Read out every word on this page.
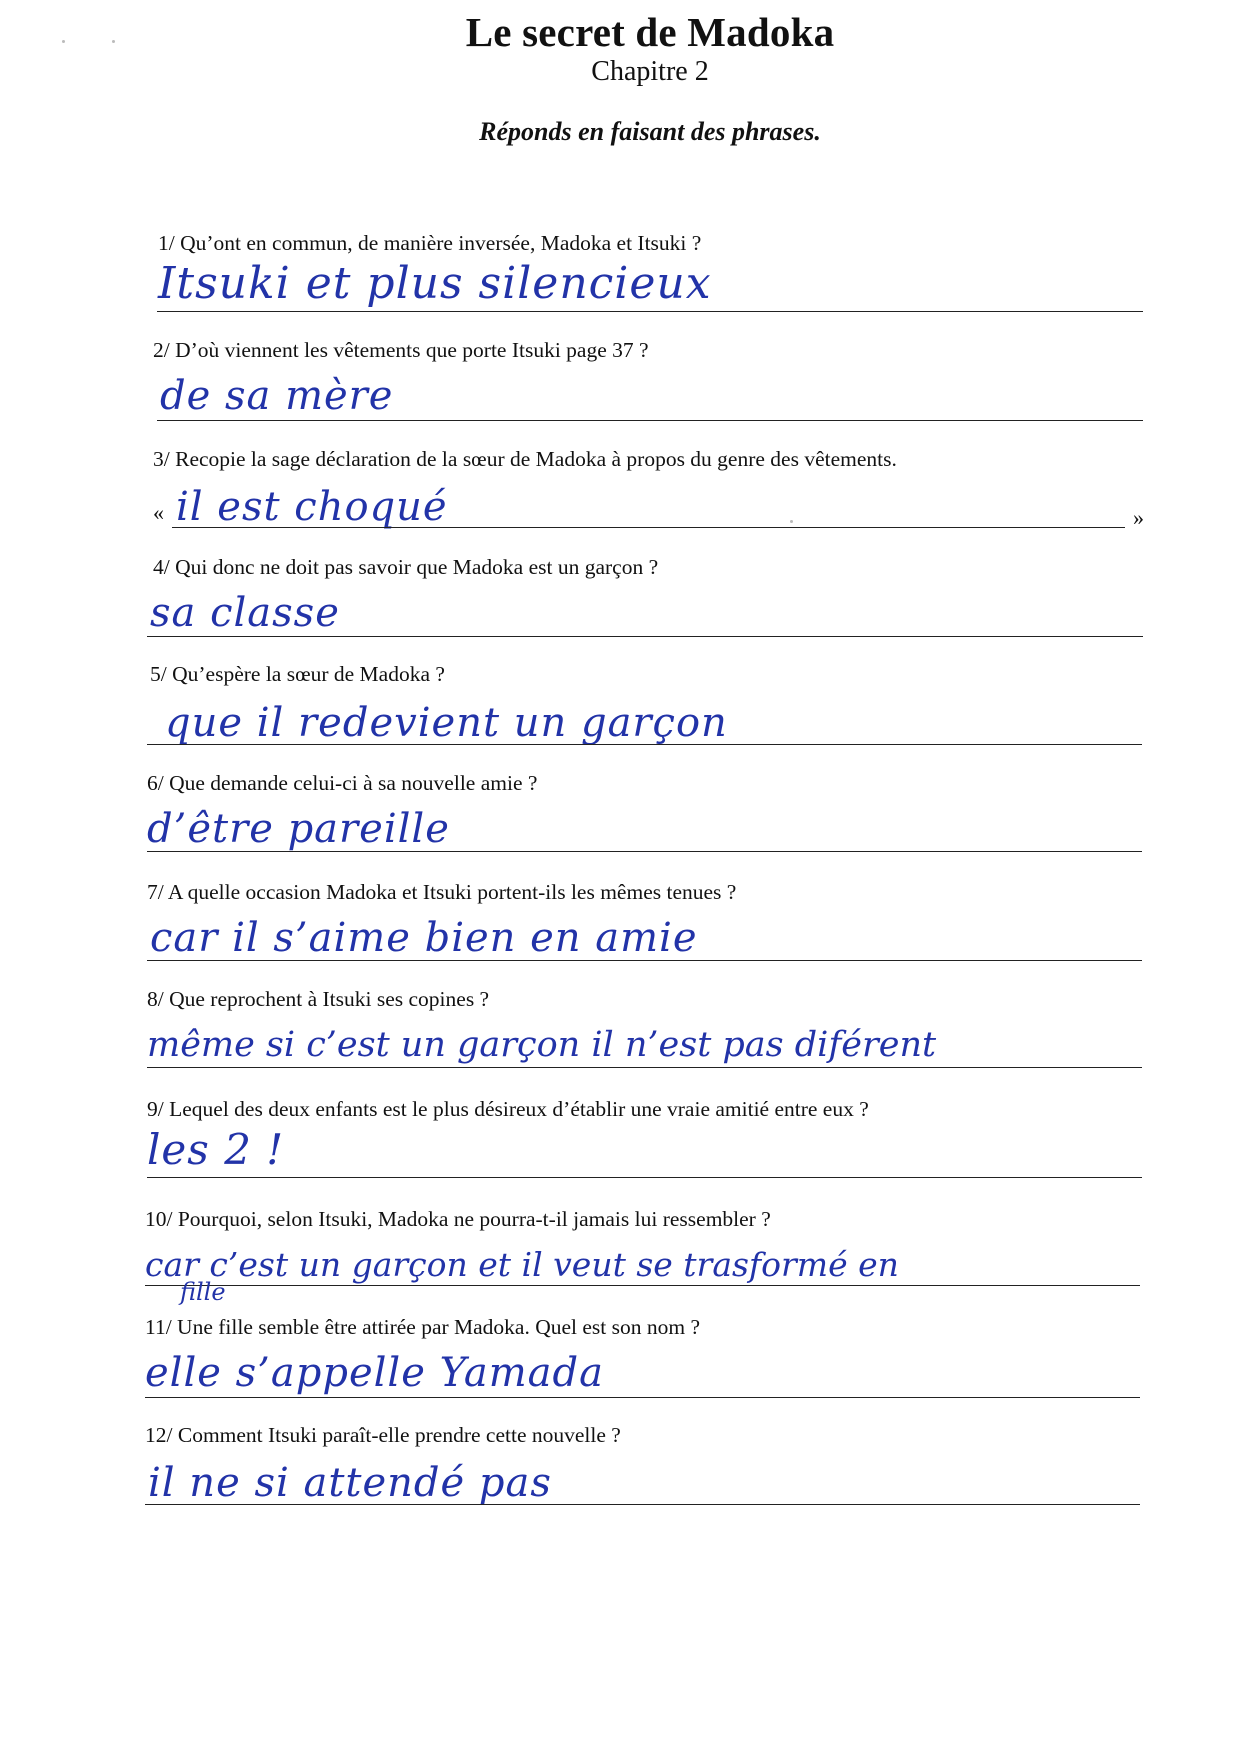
Le secret de Madoka
Chapitre 2
Réponds en faisant des phrases.
1/ Qu’ont en commun, de manière inversée, Madoka et Itsuki ?
Itsuki et plus silencieux
2/ D’où viennent les vêtements que porte Itsuki page 37 ?
de sa mère
3/ Recopie la sage déclaration de la sœur de Madoka à propos du genre des vêtements.
« il est choqué	»
4/ Qui donc ne doit pas savoir que Madoka est un garçon ?
sa classe
5/ Qu’espère la sœur de Madoka ?
que il redevient un garçon
6/ Que demande celui-ci à sa nouvelle amie ?
d’être pareille
7/ A quelle occasion Madoka et Itsuki portent-ils les mêmes tenues ?
car il s’aime bien en amie
8/ Que reprochent à Itsuki ses copines ?
même si c’est un garçon il n’est pas diférent
9/ Lequel des deux enfants est le plus désireux d’établir une vraie amitié entre eux ?
les 2 !
10/ Pourquoi, selon Itsuki, Madoka ne pourra-t-il jamais lui ressembler ?
car c’est un garçon et il veut se trasformé en
fille
11/ Une fille semble être attirée par Madoka. Quel est son nom ?
elle s’appelle Yamada
12/ Comment Itsuki paraît-elle prendre cette nouvelle ?
il ne si attendé pas
